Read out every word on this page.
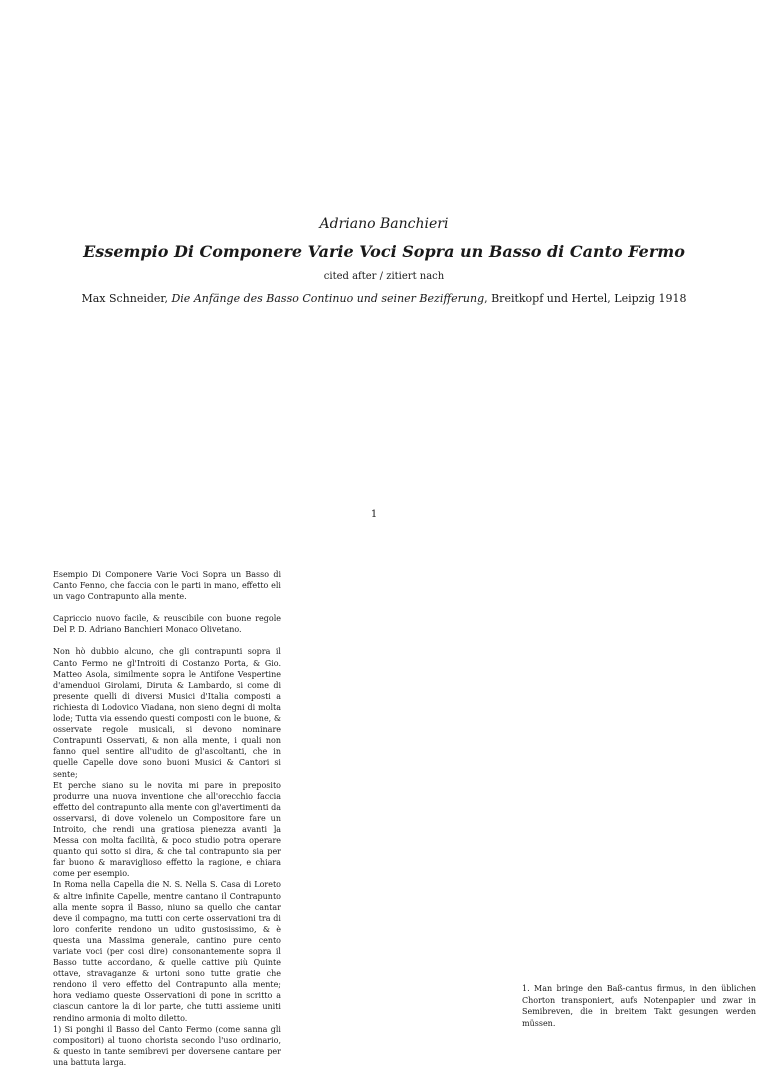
Adriano Banchieri

Essempio Di Componere Varie Voci Sopra un Basso di Canto Fermo

cited after / zitiert nach

Max Schneider, Die Anfänge des Basso Continuo und seiner Bezifferung, Breitkopf und Hertel, Leipzig 1918

1

Esempio Di Componere Varie Voci Sopra un Basso di Canto Fenno, che faccia con le parti in mano, effetto eli un vago Contrapunto alla mente.

Capriccio nuovo facile, & reuscibile con buone regole Del P. D. Adriano Banchieri Monaco Olivetano.

Non hò dubbio alcuno, che gli contrapunti sopra il Canto Fermo ne gl'Introiti di Costanzo Porta, & Gio. Matteo Asola, similmente sopra le Antifone Vespertine d'amenduoi Girolami, Diruta & Lambardo, si come di presente quelli di diversi Musici d'Italia composti a richiesta di Lodovico Viadana, non sieno degni di molta lode; Tutta via essendo questi composti con le buone, & osservate regole musicali, si devono nominare Contrapunti Osservati, & non alla mente, i quali non fanno quel sentire all'udito de gl'ascoltanti, che in quelle Capelle dove sono buoni Musici & Cantori si sente;

Et perche siano su le novita mi pare in preposito produrre una nuova inventione che all'orecchio faccia effetto del contrapunto alla mente con gl'avertimenti da osservarsi, di dove volenelo un Compositore fare un Introito, che rendi una gratiosa pienezza avanti ]a Messa con molta facilità, & poco studio potra operare quanto qui sotto si dira, & che tal contrapunto sia per far buono & maraviglioso effetto la ragione, e chiara come per esempio.

In Roma nella Capella die N. S. Nella S. Casa di Loreto & altre infinite Capelle, mentre cantano il Contrapunto alla mente sopra il Basso, niuno sa quello che cantar deve il compagno, ma tutti con certe osservationi tra di loro conferite rendono un udito gustosissimo, & è questa una Massima generale, cantino pure cento variate voci (per cosi dire) consonantemente sopra il Basso tutte accordano, & quelle cattive più Quinte ottave, stravaganze & urtoni sono tutte gratie che rendono il vero effetto del Contrapunto alla mente; hora vediamo queste Osservationi di pone in scritto a ciascun cantore la di lor parte, che tutti assieme uniti rendino armonia di molto diletto.

1) Si ponghi il Basso del Canto Fermo (come sanna gli compositori) al tuono chorista secondo l'uso ordinario, & questo in tante semibrevi per doversene cantare per una battuta larga.

1. Man bringe den Baß-cantus firmus, in den üblichen Chorton transponiert, aufs Notenpapier und zwar in Semibreven, die in breitem Takt gesungen werden müssen.
